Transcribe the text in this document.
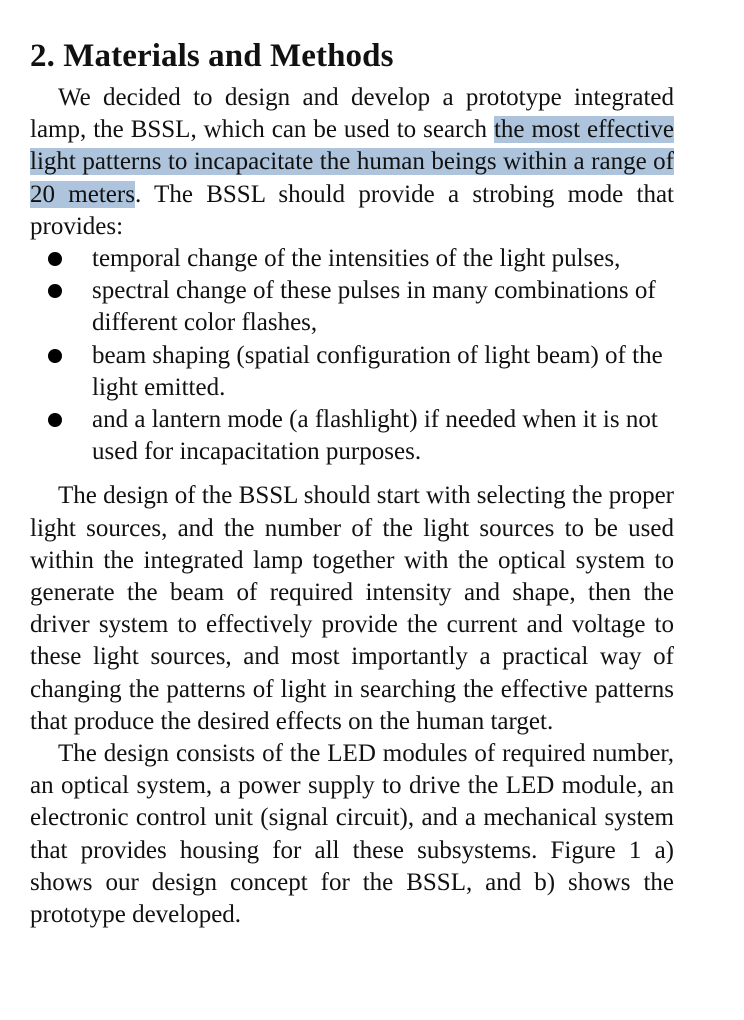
2. Materials and Methods

We decided to design and develop a prototype integrated lamp, the BSSL, which can be used to search the most effective light patterns to incapacitate the human beings within a range of 20 meters. The BSSL should provide a strobing mode that provides:

temporal change of the intensities of the light pulses,
spectral change of these pulses in many combinations of different color flashes,
beam shaping (spatial configuration of light beam) of the light emitted.
and a lantern mode (a flashlight) if needed when it is not used for incapacitation purposes.

The design of the BSSL should start with selecting the proper light sources, and the number of the light sources to be used within the integrated lamp together with the optical system to generate the beam of required intensity and shape, then the driver system to effectively provide the current and voltage to these light sources, and most importantly a practical way of changing the patterns of light in searching the effective patterns that produce the desired effects on the human target.

The design consists of the LED modules of required number, an optical system, a power supply to drive the LED module, an electronic control unit (signal circuit), and a mechanical system that provides housing for all these subsystems. Figure 1 a) shows our design concept for the BSSL, and b) shows the prototype developed.
